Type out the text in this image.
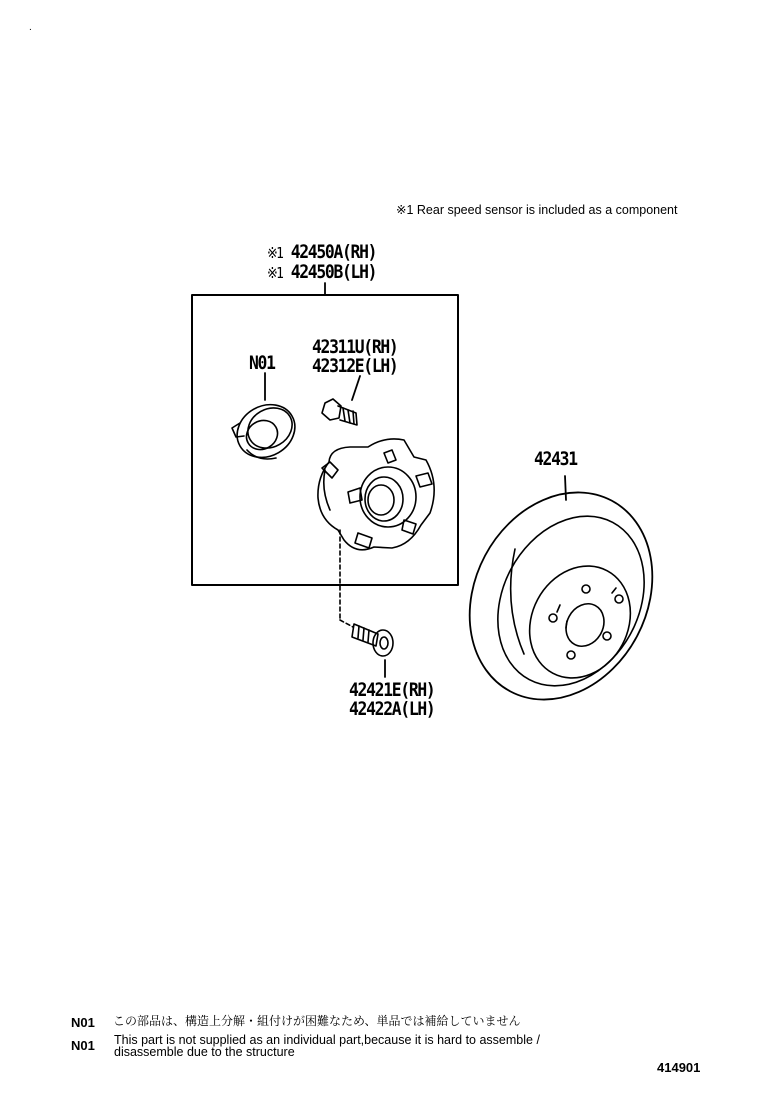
.
※1 Rear speed sensor is included as a component
※1 42450A(RH)
※1 42450B(LH)
N01
42311U(RH)
42312E(LH)
42431
42421E(RH)
42422A(LH)
N01 この部品は、構造上分解・組付けが困難なため、単品では補給していません
N01 This part is not supplied as an individual part,because it is hard to assemble /
disassemble due to the structure
414901
